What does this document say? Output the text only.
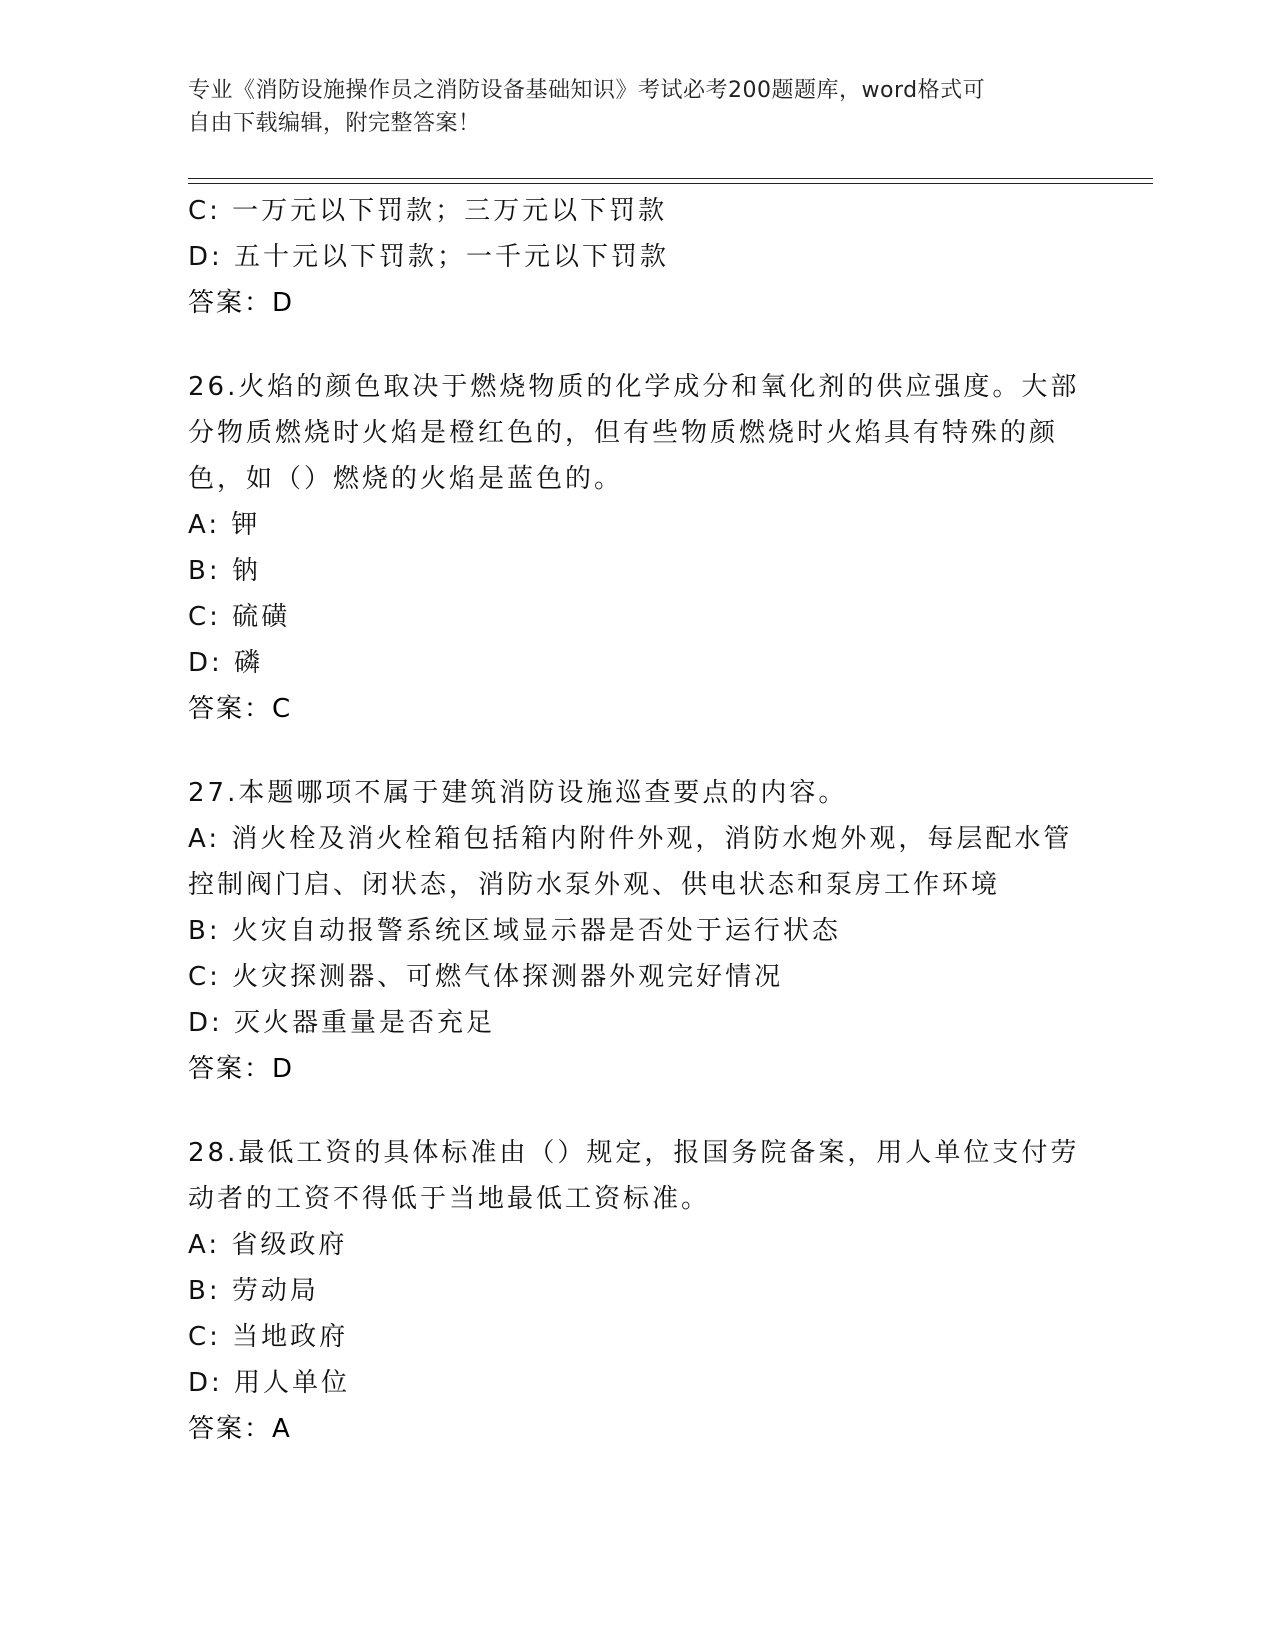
专业《消防设施操作员之消防设备基础知识》考试必考200题题库，word格式可
自由下载编辑，附完整答案！
C: 一万元以下罚款；三万元以下罚款
D: 五十元以下罚款；一千元以下罚款
答案：D
26.火焰的颜色取决于燃烧物质的化学成分和氧化剂的供应强度。大部
分物质燃烧时火焰是橙红色的，但有些物质燃烧时火焰具有特殊的颜
色，如（）燃烧的火焰是蓝色的。
A: 钾
B: 钠
C: 硫磺
D: 磷
答案：C
27.本题哪项不属于建筑消防设施巡查要点的内容。
A: 消火栓及消火栓箱包括箱内附件外观，消防水炮外观，每层配水管
控制阀门启、闭状态，消防水泵外观、供电状态和泵房工作环境
B: 火灾自动报警系统区域显示器是否处于运行状态
C: 火灾探测器、可燃气体探测器外观完好情况
D: 灭火器重量是否充足
答案：D
28.最低工资的具体标准由（）规定，报国务院备案，用人单位支付劳
动者的工资不得低于当地最低工资标准。
A: 省级政府
B: 劳动局
C: 当地政府
D: 用人单位
答案：A
